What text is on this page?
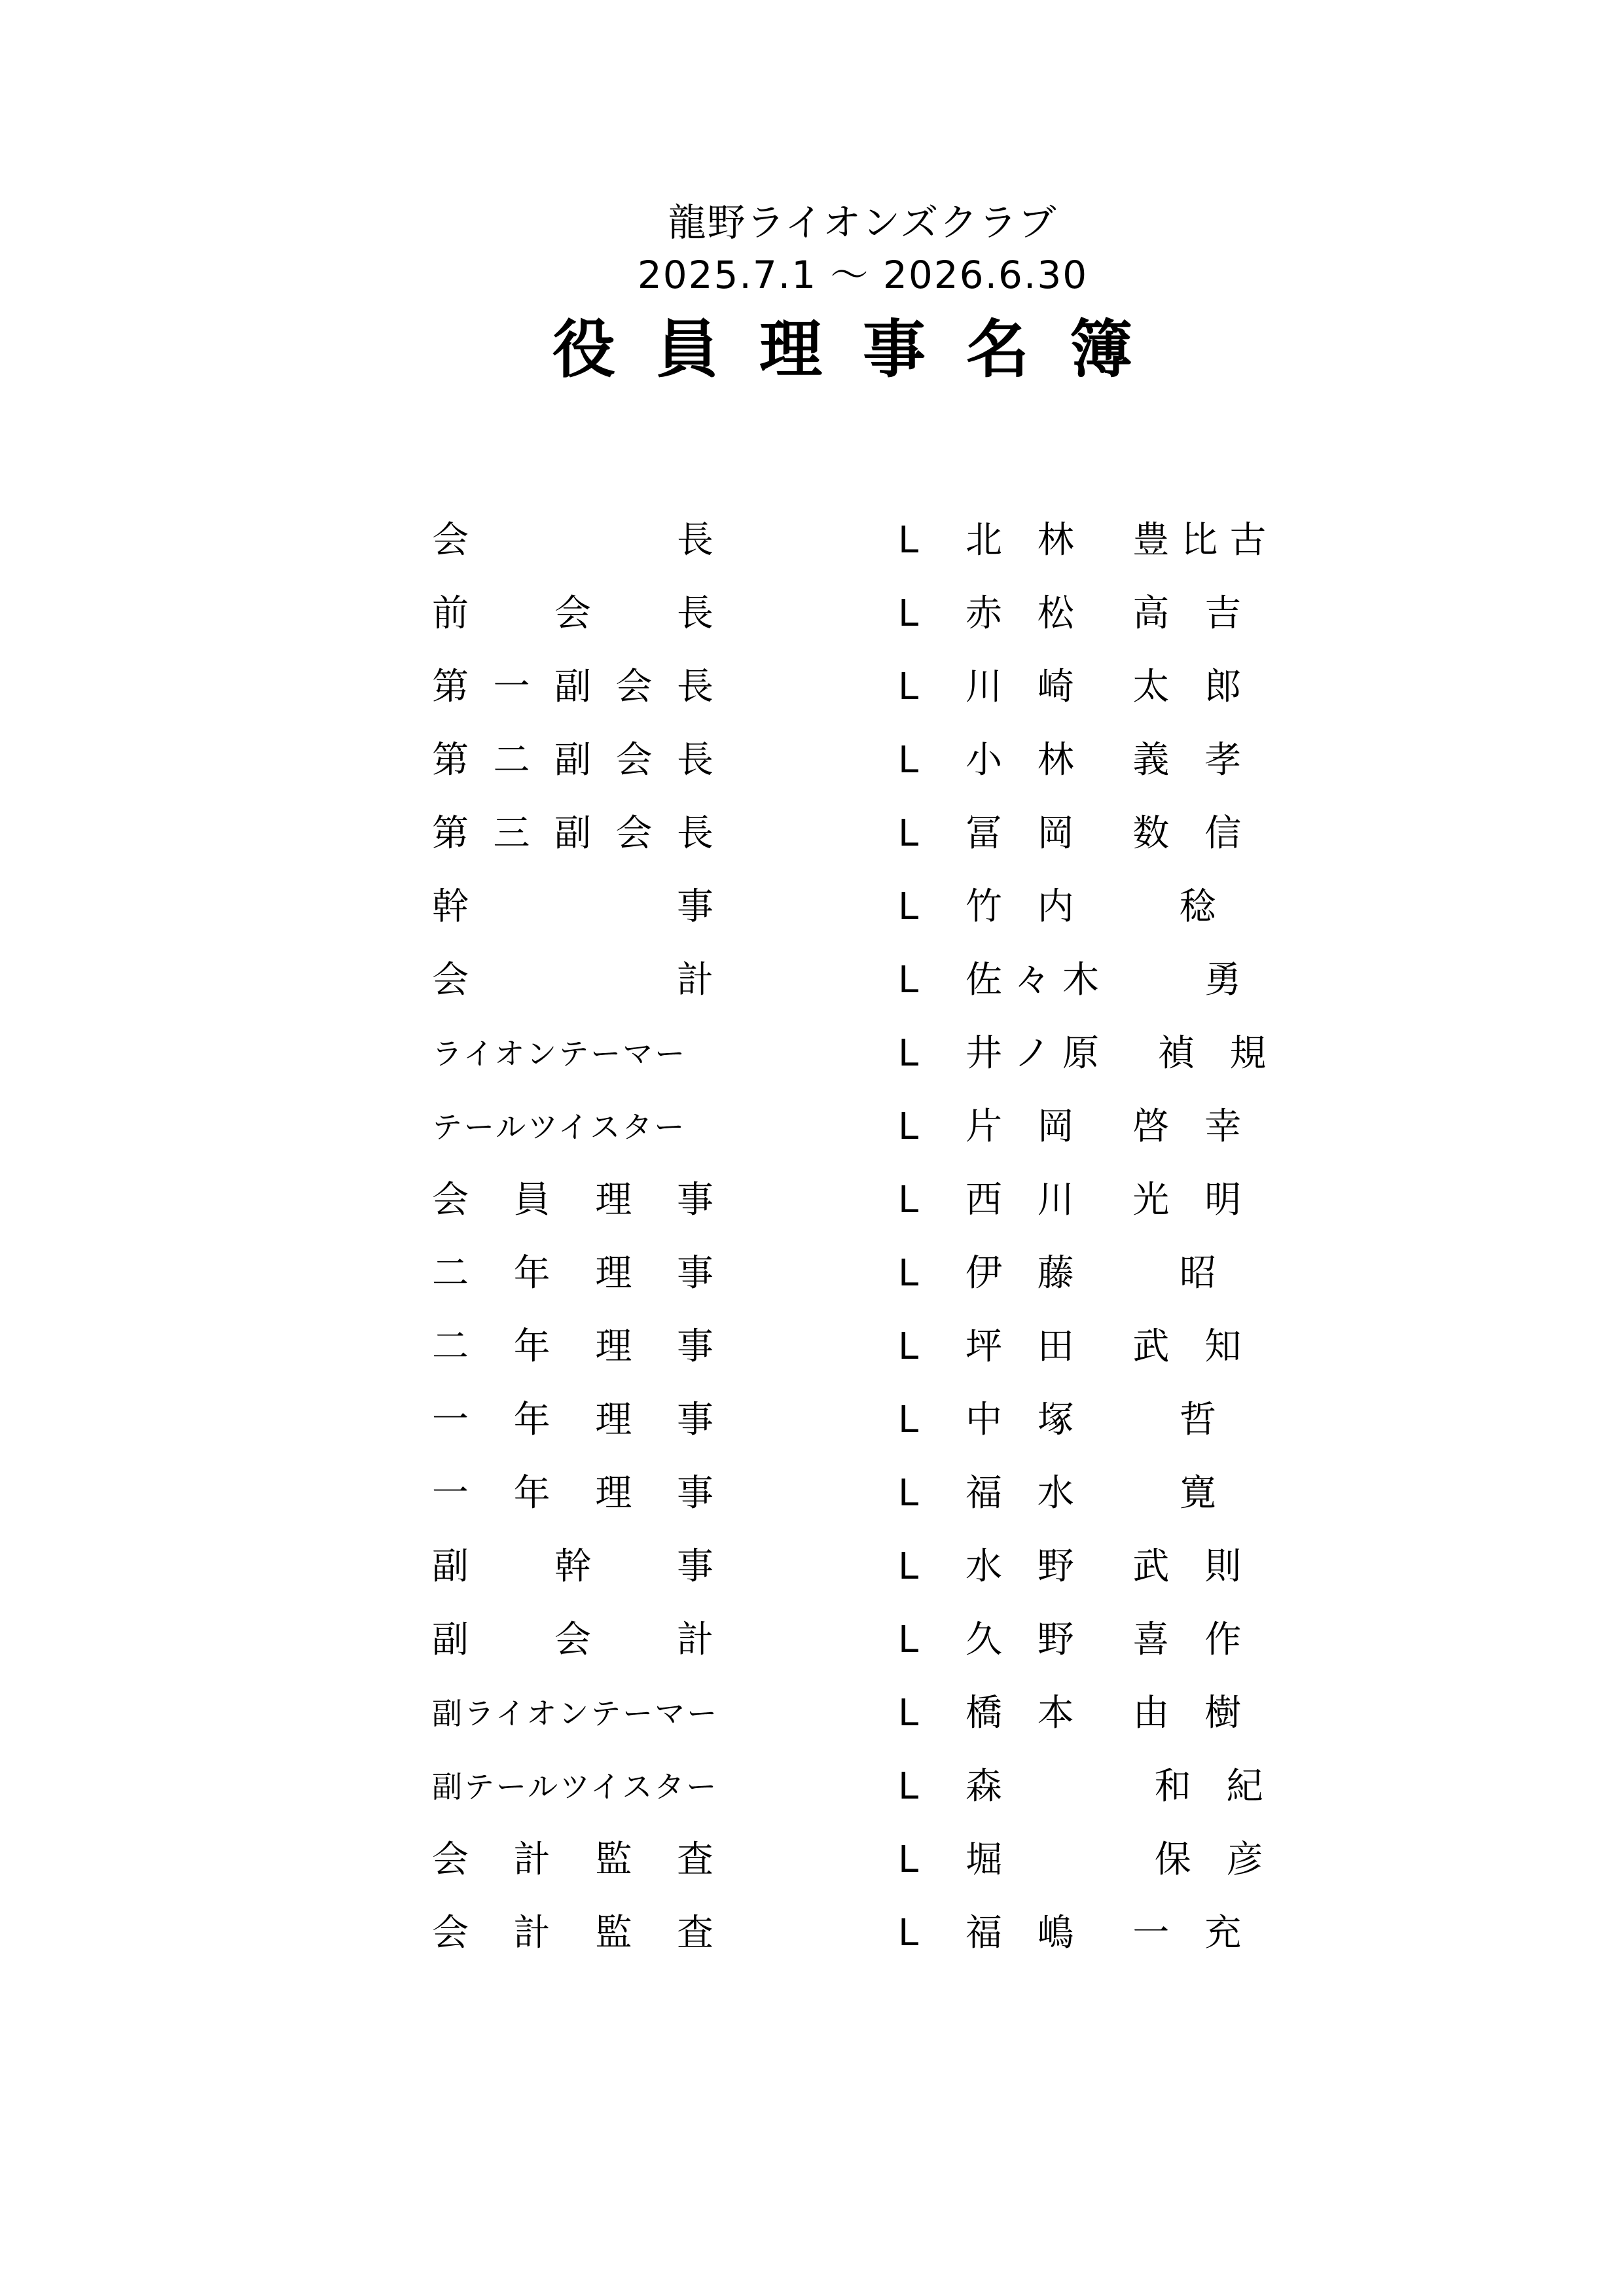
龍野ライオンズクラブ
2025.7.1 ～ 2026.6.30
役員理事名簿
会	長	L 北 林  豊比古
前 会 長	L 赤 松  高 吉
第 一 副 会 長	L 川 崎  太 郎
第 二 副 会 長	L 小 林  義 孝
第 三 副 会 長	L 冨 岡  数 信
幹	事	L 竹 内    稔
会	計	L 佐々木    勇
ライオンテーマー	L 井ノ原  禎 規
テールツイスター	L 片 岡  啓 幸
会 員 理 事	L 西 川  光 明
二 年 理 事	L 伊 藤    昭
二 年 理 事	L 坪 田  武 知
一 年 理 事	L 中 塚    哲
一 年 理 事	L 福 水    寛
副 幹 事	L 水 野  武 則
副 会 計	L 久 野  喜 作
副ライオンテーマー	L 橋 本  由 樹
副テールツイスター	L 森      和 紀
会 計 監 査	L 堀      保 彦
会 計 監 査	L 福 嶋  一 充
